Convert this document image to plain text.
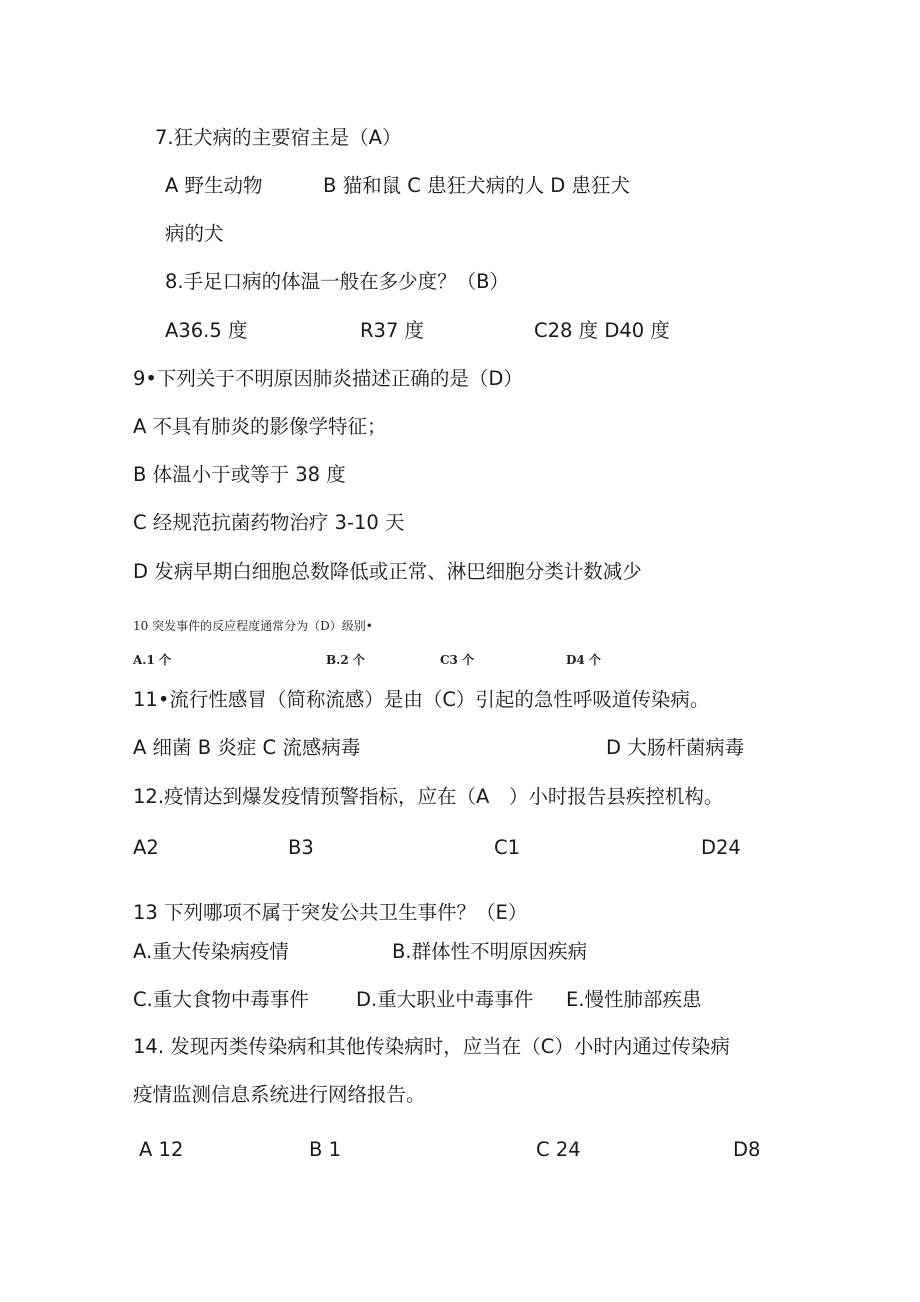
7.狂犬病的主要宿主是（A）
A 野生动物	B 猫和鼠 C 患狂犬病的人 D 患狂犬
病的犬
8.手足口病的体温一般在多少度？（B）
A36.5 度	R37 度	C28 度 D40 度
9•下列关于不明原因肺炎描述正确的是（D）
A 不具有肺炎的影像学特征；
B 体温小于或等于 38 度
C 经规范抗菌药物治疗 3-10 天
D 发病早期白细胞总数降低或正常、淋巴细胞分类计数减少
10 突发事件的反应程度通常分为（D）级别•
A.1 个	B.2 个	C3 个	D4 个
11•流行性感冒（简称流感）是由（C）引起的急性呼吸道传染病。
A 细菌 B 炎症 C 流感病毒	D 大肠杆菌病毒
12.疫情达到爆发疫情预警指标，应在（A　）小时报告县疾控机构。
A2	B3	C1	D24
13 下列哪项不属于突发公共卫生事件？（E）
A.重大传染病疫情	B.群体性不明原因疾病
C.重大食物中毒事件 D.重大职业中毒事件 E.慢性肺部疾患
14. 发现丙类传染病和其他传染病时，应当在（C）小时内通过传染病
疫情监测信息系统进行网络报告。
A 12	B 1	C 24	D8
